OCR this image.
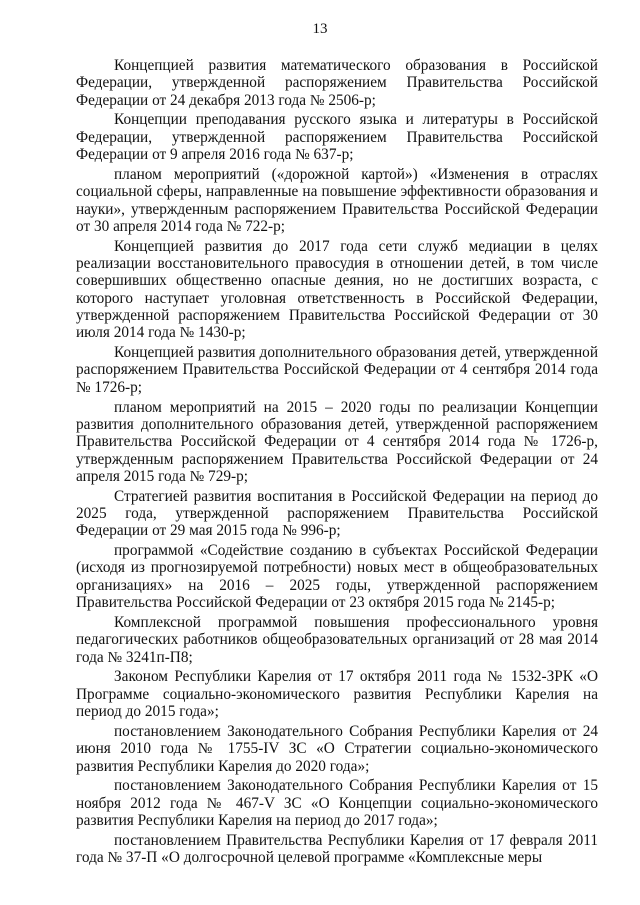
13

Концепцией развития математического образования в Российской Федерации, утвержденной распоряжением Правительства Российской Федерации от 24 декабря 2013 года № 2506-р;

Концепции преподавания русского языка и литературы в Российской Федерации, утвержденной распоряжением Правительства Российской Федерации от 9 апреля 2016 года № 637-р;

планом мероприятий («дорожной картой») «Изменения в отраслях социальной сферы, направленные на повышение эффективности образования и науки», утвержденным распоряжением Правительства Российской Федерации от 30 апреля 2014 года № 722-р;

Концепцией развития до 2017 года сети служб медиации в целях реализации восстановительного правосудия в отношении детей, в том числе совершивших общественно опасные деяния, но не достигших возраста, с которого наступает уголовная ответственность в Российской Федерации, утвержденной распоряжением Правительства Российской Федерации от 30 июля 2014 года № 1430-р;

Концепцией развития дополнительного образования детей, утвержденной распоряжением Правительства Российской Федерации от 4 сентября 2014 года № 1726-р;

планом мероприятий на 2015 – 2020 годы по реализации Концепции развития дополнительного образования детей, утвержденной распоряжением Правительства Российской Федерации от 4 сентября 2014 года № 1726-р, утвержденным распоряжением Правительства Российской Федерации от 24 апреля 2015 года № 729-р;

Стратегией развития воспитания в Российской Федерации на период до 2025 года, утвержденной распоряжением Правительства Российской Федерации от 29 мая 2015 года № 996-р;

программой «Содействие созданию в субъектах Российской Федерации (исходя из прогнозируемой потребности) новых мест в общеобразовательных организациях» на 2016 – 2025 годы, утвержденной распоряжением Правительства Российской Федерации от 23 октября 2015 года № 2145-р;

Комплексной программой повышения профессионального уровня педагогических работников общеобразовательных организаций от 28 мая 2014 года № 3241п-П8;

Законом Республики Карелия от 17 октября 2011 года № 1532-ЗРК «О Программе социально-экономического развития Республики Карелия на период до 2015 года»;

постановлением Законодательного Собрания Республики Карелия от 24 июня 2010 года № 1755-IV ЗС «О Стратегии социально-экономического развития Республики Карелия до 2020 года»;

постановлением Законодательного Собрания Республики Карелия от 15 ноября 2012 года № 467-V ЗС «О Концепции социально-экономического развития Республики Карелия на период до 2017 года»;

постановлением Правительства Республики Карелия от 17 февраля 2011 года № 37-П «О долгосрочной целевой программе «Комплексные меры
